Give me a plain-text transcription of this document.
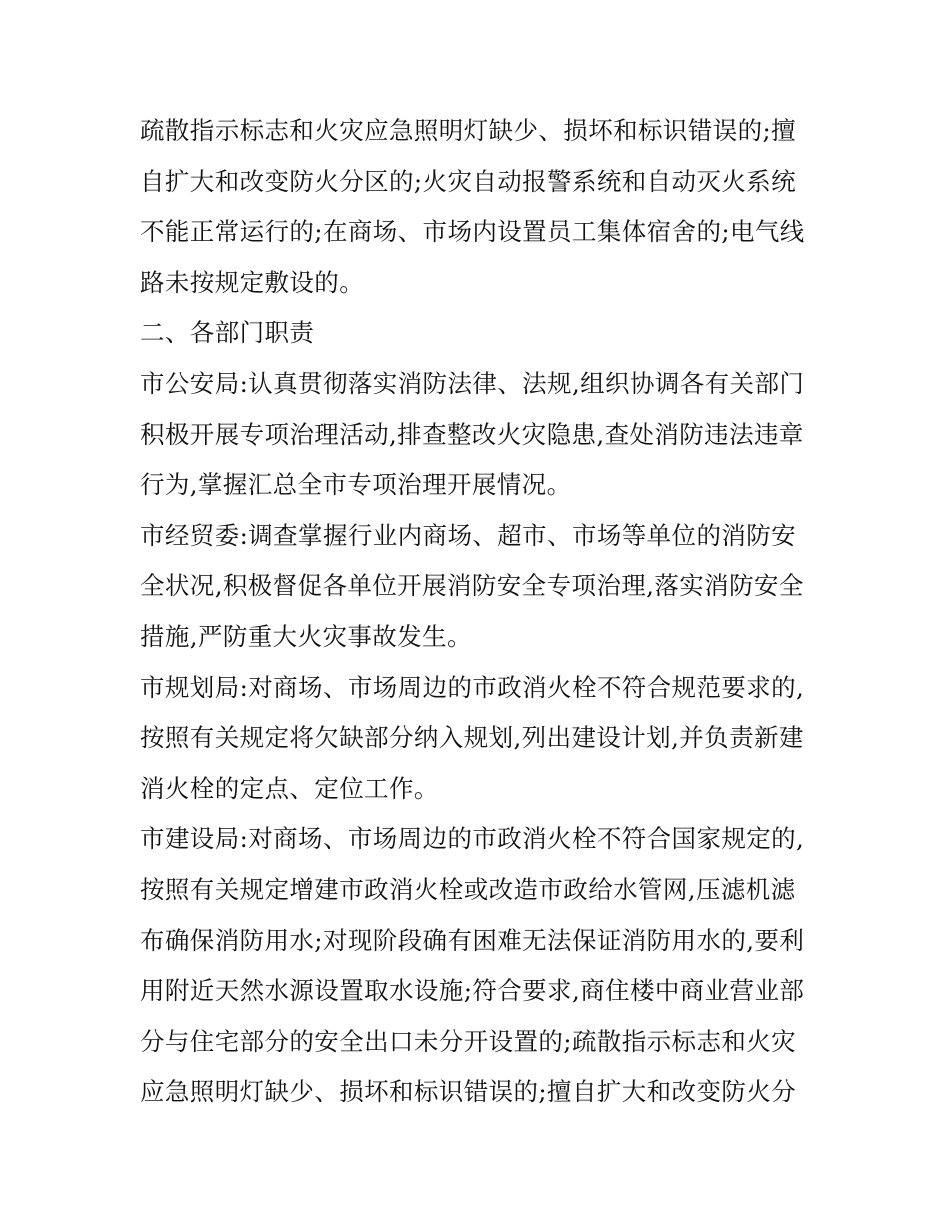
疏散指示标志和火灾应急照明灯缺少、损坏和标识错误的;擅
自扩大和改变防火分区的;火灾自动报警系统和自动灭火系统
不能正常运行的;在商场、市场内设置员工集体宿舍的;电气线
路未按规定敷设的。
二、各部门职责
市公安局:认真贯彻落实消防法律、法规,组织协调各有关部门
积极开展专项治理活动,排查整改火灾隐患,查处消防违法违章
行为,掌握汇总全市专项治理开展情况。
市经贸委:调查掌握行业内商场、超市、市场等单位的消防安
全状况,积极督促各单位开展消防安全专项治理,落实消防安全
措施,严防重大火灾事故发生。
市规划局:对商场、市场周边的市政消火栓不符合规范要求的,
按照有关规定将欠缺部分纳入规划,列出建设计划,并负责新建
消火栓的定点、定位工作。
市建设局:对商场、市场周边的市政消火栓不符合国家规定的,
按照有关规定增建市政消火栓或改造市政给水管网,压滤机滤
布确保消防用水;对现阶段确有困难无法保证消防用水的,要利
用附近天然水源设置取水设施;符合要求,商住楼中商业营业部
分与住宅部分的安全出口未分开设置的;疏散指示标志和火灾
应急照明灯缺少、损坏和标识错误的;擅自扩大和改变防火分
